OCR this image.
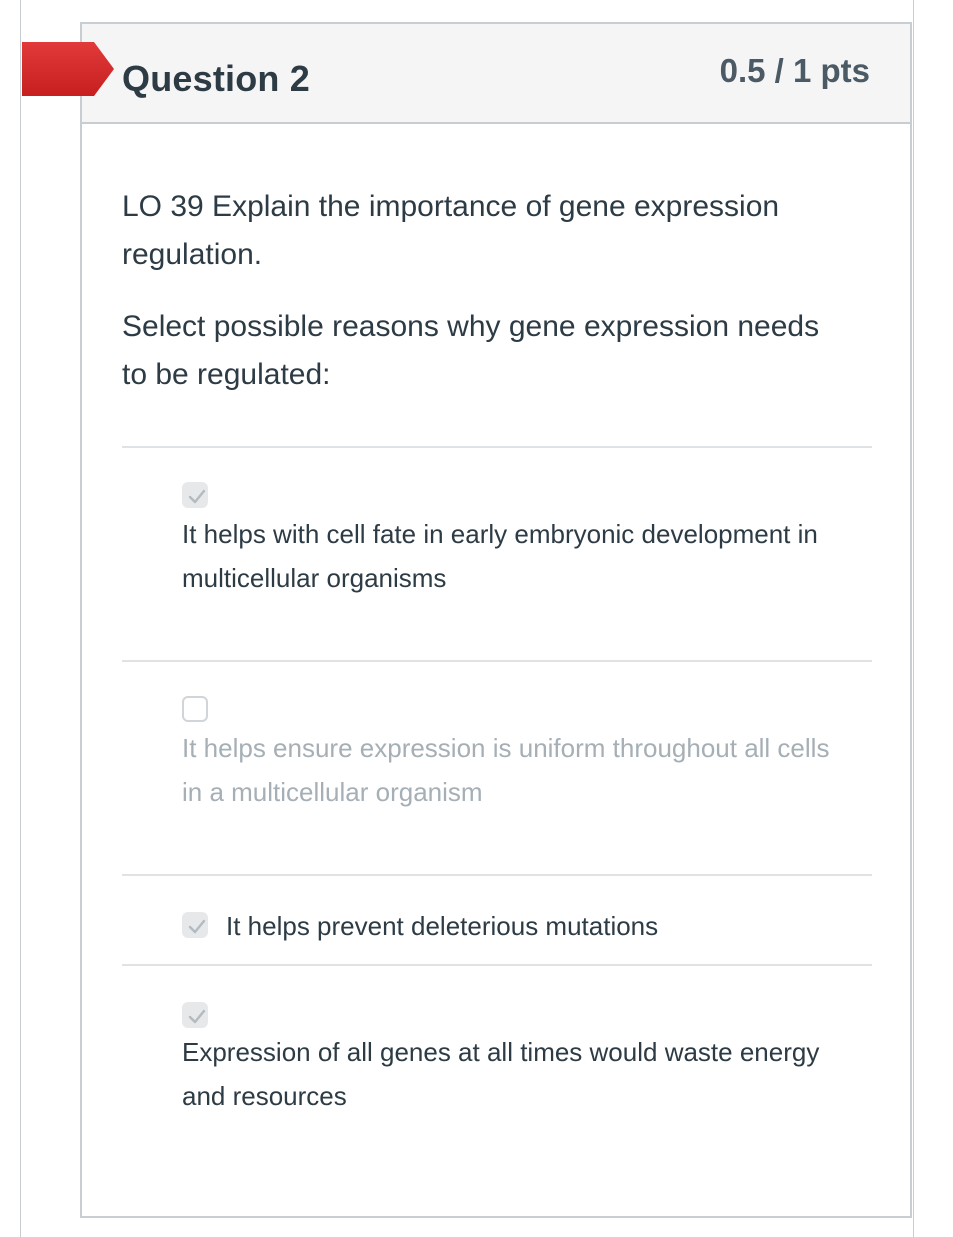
Question 2	0.5 / 1 pts
LO 39 Explain the importance of gene expression regulation.
Select possible reasons why gene expression needs to be regulated:
It helps with cell fate in early embryonic development in multicellular organisms
It helps ensure expression is uniform throughout all cells in a multicellular organism
It helps prevent deleterious mutations
Expression of all genes at all times would waste energy and resources
